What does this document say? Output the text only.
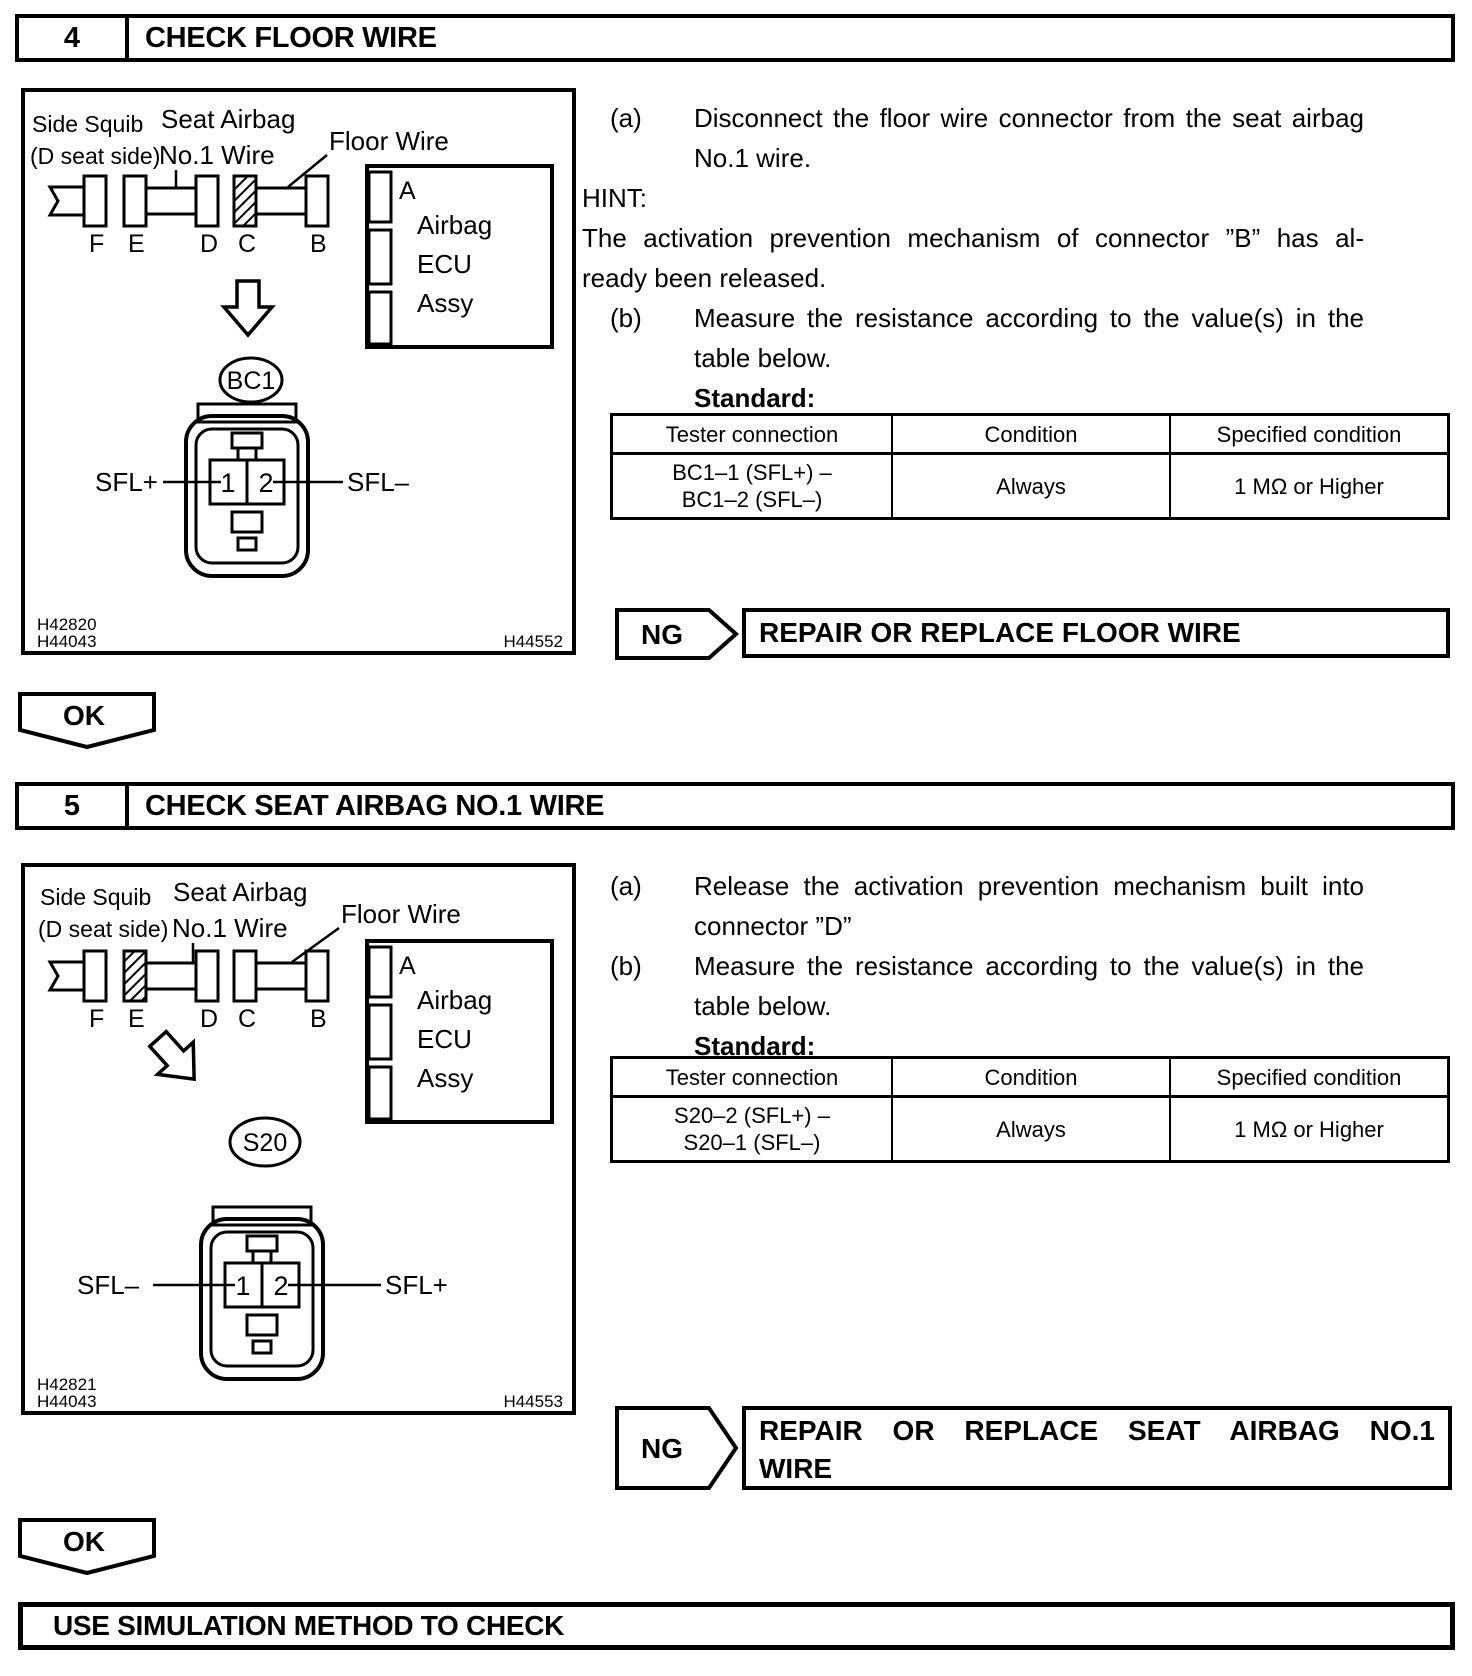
4	CHECK FLOOR WIRE
Side Squib
(D seat side)
Seat Airbag
No.1 Wire Floor Wire
F E D C B
A
Airbag
ECU
Assy
BC1
1 2
SFL+	SFL–
H42820
H44043	H44552
(a) Disconnect the floor wire connector from the seat airbag
No.1 wire.
HINT:
The activation prevention mechanism of connector ”B” has al-
ready been released.
(b) Measure the resistance according to the value(s) in the
table below.
Standard:
Tester connection	Condition	Specified condition
BC1–1 (SFL+) –
BC1–2 (SFL–)
Always	1 MΩ or Higher
NG	REPAIR OR REPLACE FLOOR WIRE
OK
5	CHECK SEAT AIRBAG NO.1 WIRE
Side Squib
(D seat side)
Seat Airbag
No.1 Wire Floor Wire
F E D C B
A
Airbag
ECU
Assy
S20
1 2
SFL–	SFL+
H42821
H44043	H44553
(a) Release the activation prevention mechanism built into
connector ”D”
(b) Measure the resistance according to the value(s) in the
table below.
Standard:
Tester connection	Condition	Specified condition
S20–2 (SFL+) –
S20–1 (SFL–)
Always	1 MΩ or Higher
NG
REPAIR OR REPLACE SEAT AIRBAG NO.1
WIRE
OK
USE SIMULATION METHOD TO CHECK
